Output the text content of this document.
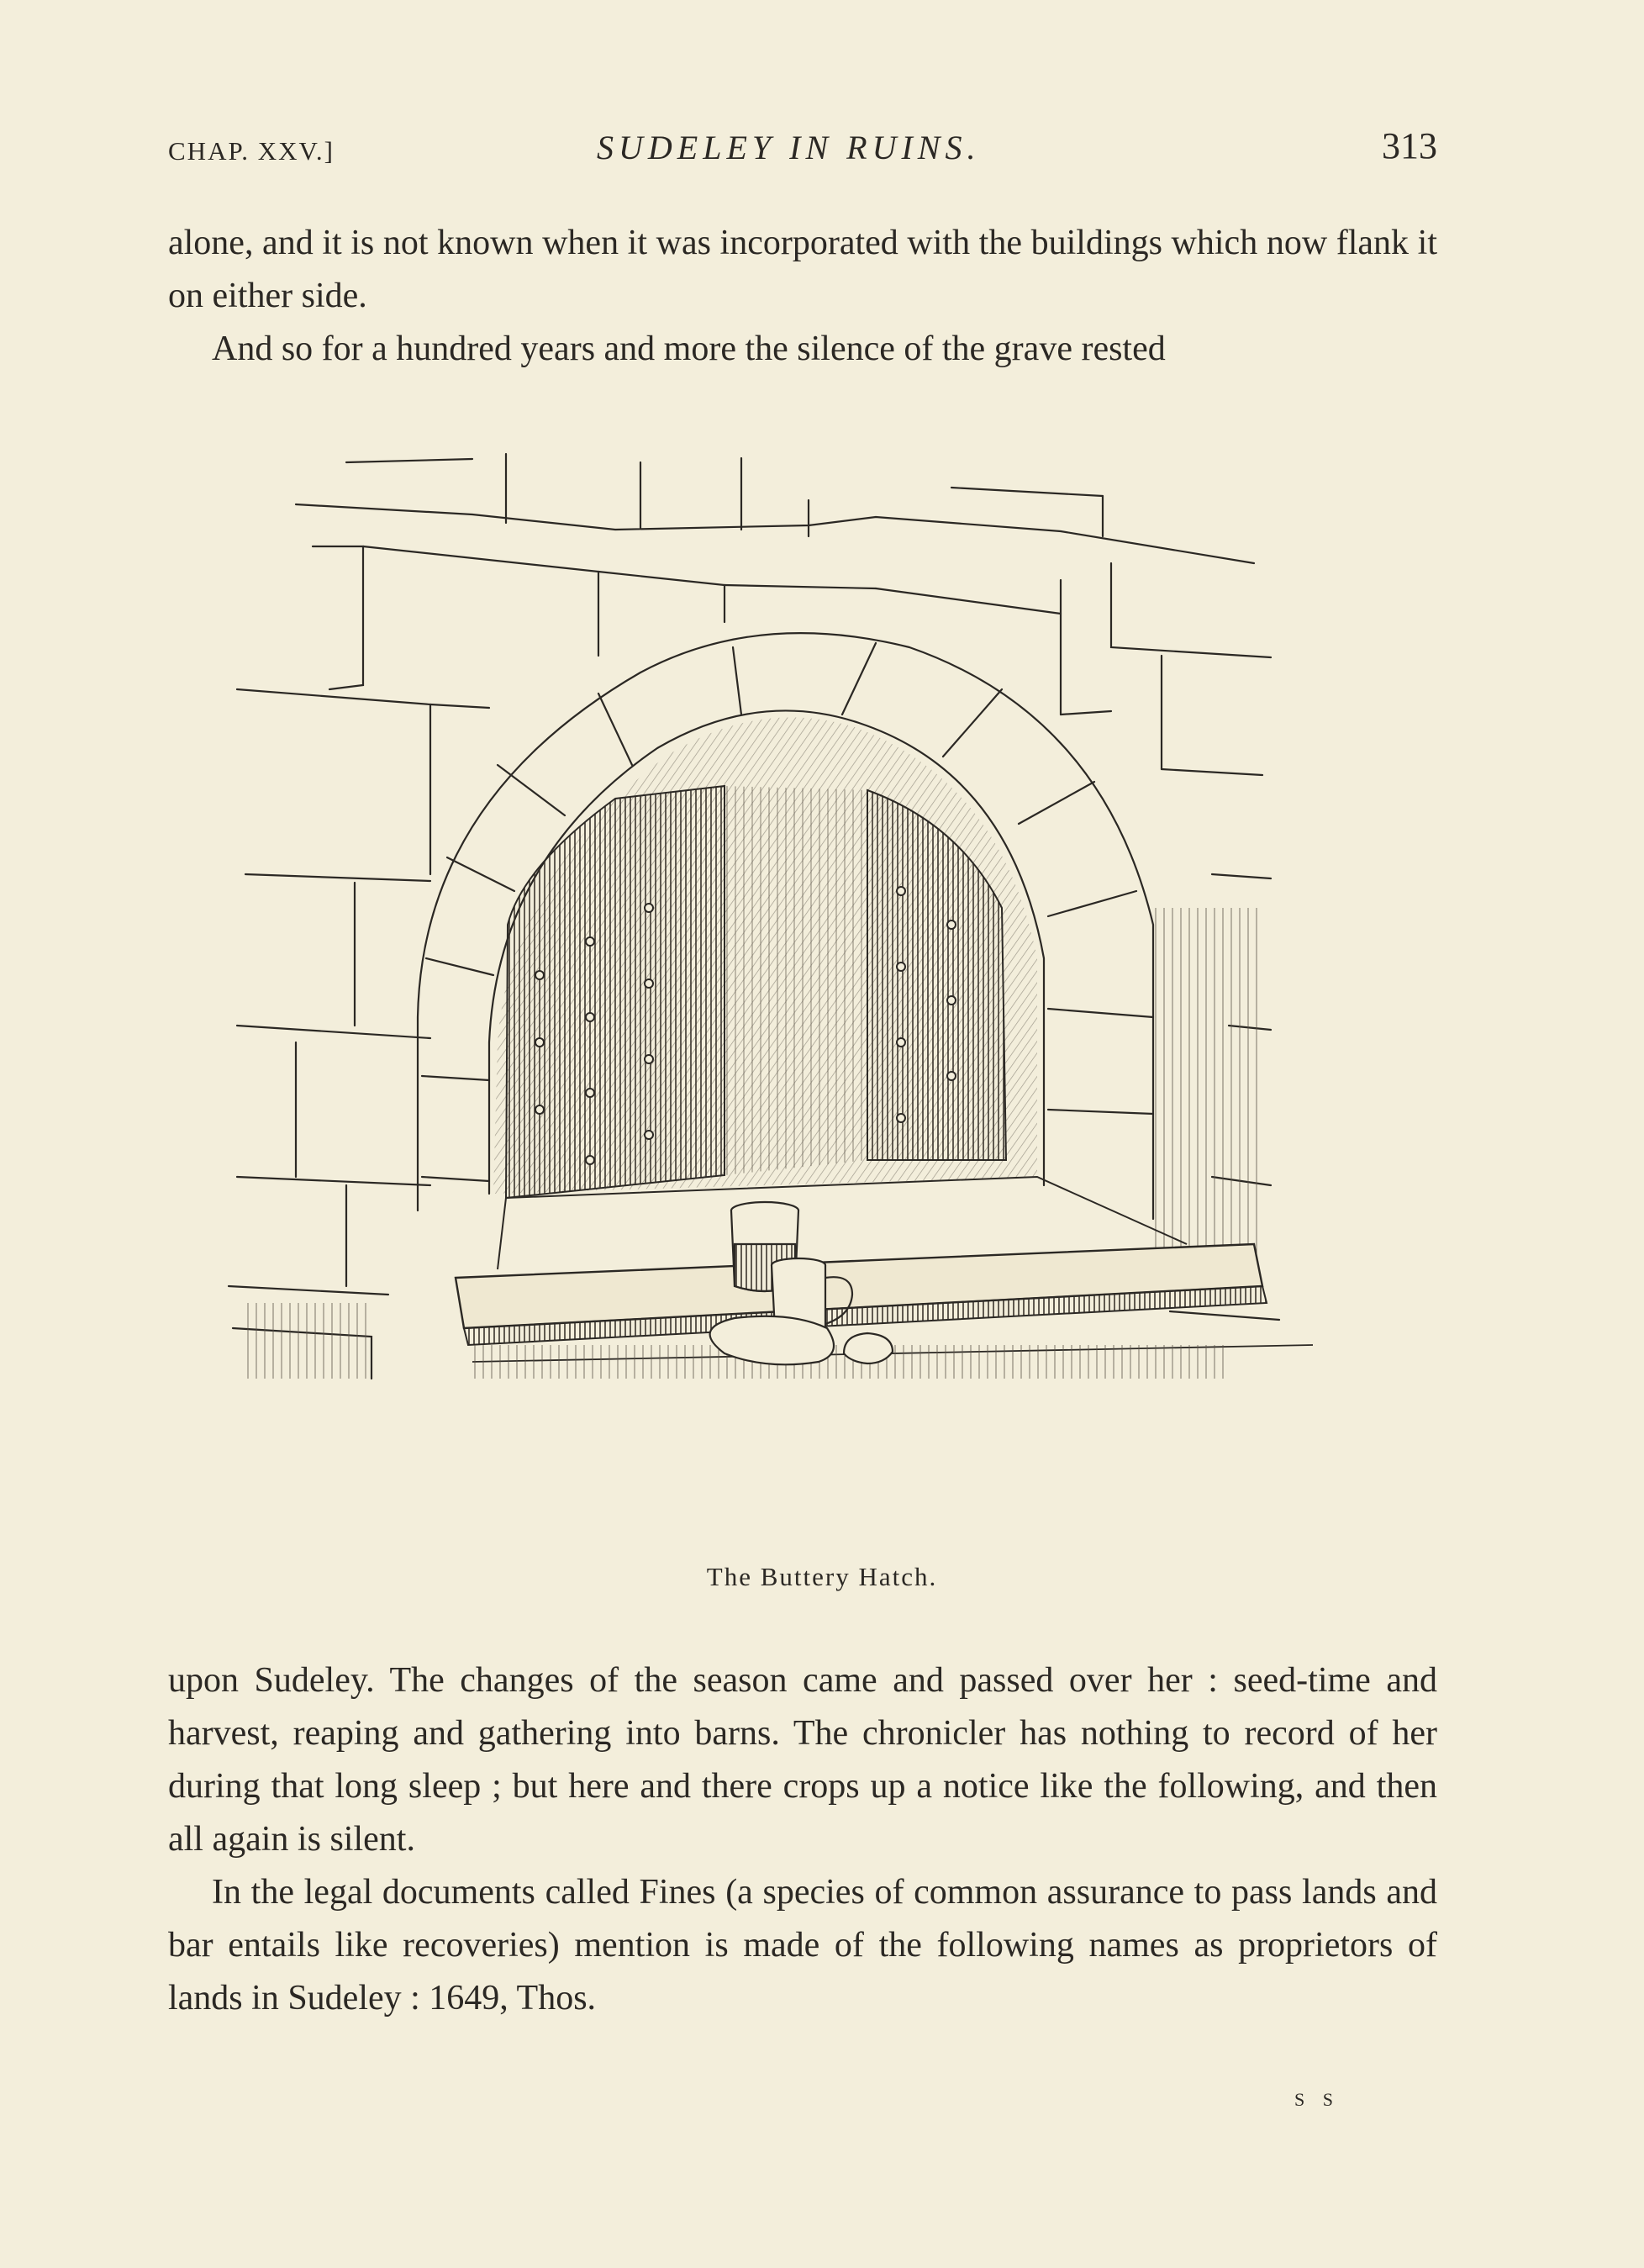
CHAP. XXV.]	SUDELEY IN RUINS.	313

alone, and it is not known when it was incorporated with the buildings which now flank it on either side.

And so for a hundred years and more the silence of the grave rested

The Buttery Hatch.

upon Sudeley. The changes of the season came and passed over her : seed-time and harvest, reaping and gathering into barns. The chronicler has nothing to record of her during that long sleep ; but here and there crops up a notice like the following, and then all again is silent.

In the legal documents called Fines (a species of common assurance to pass lands and bar entails like recoveries) mention is made of the following names as proprietors of lands in Sudeley : 1649, Thos.

S S
